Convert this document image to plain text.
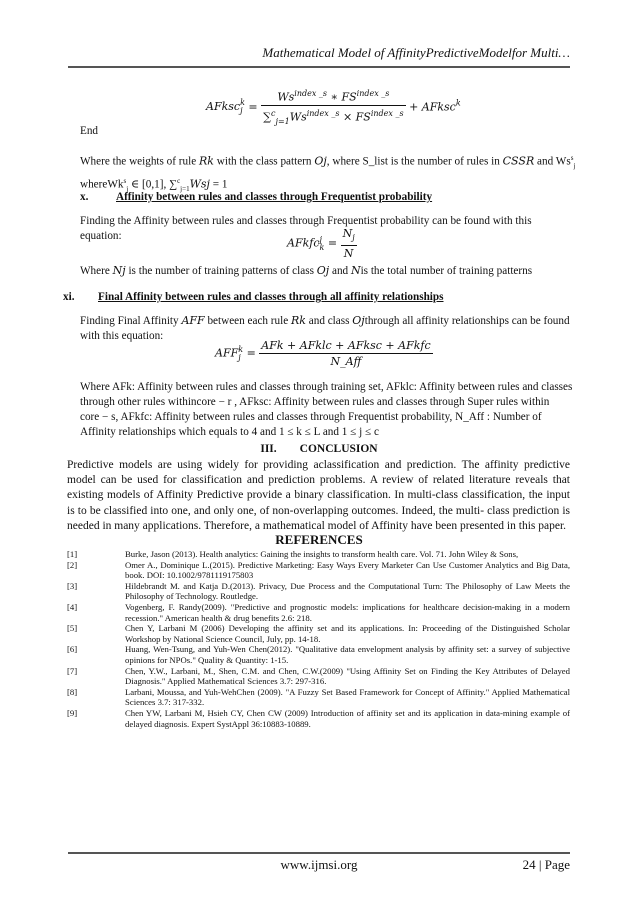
Mathematical Model of AffinityPredictiveModelfor Multi…
AFksc k
$j = \frac{Ws^{index \_s} ∗ FS^{index \_s}}{\sum^c_{j=1}Ws^{index \_s} \times FS^{index \_s}}$ + AFksc$^k$
End
Where the weights of rule Rk with the class pattern Oj, where S_list is the number of rules in CSSR and $Ws^s_j$
whereWk$^s_j$ ∈ [0,1], ∑$^c_{j=1}$Wsj = 1
x. Affinity between rules and classes through Frequentist probability
Finding the Affinity between rules and classes through Frequentist probability can be found with this equation:
AFkfc j
$k = \frac{N_j}{N}$
Where Nj is the number of training patterns of class Oj and Nis the total number of training patterns
xi. Final Affinity between rules and classes through all affinity relationships
Finding Final Affinity AFF between each rule Rk and class Ojthrough all affinity relationships can be found
with this equation:
AFF k
$j = \frac{\text{AFk + AFklc + AFksc + AFkfc}}{\text{N\_Aff}}$
Where AFk: Affinity between rules and classes through training set, AFklc: Affinity between rules and classes
through other rules withincore − r , AFksc: Affinity between rules and classes through Super rules within
core − s, AFkfc: Affinity between rules and classes through Frequentist probability, N_Aff : Number of
Affinity relationships which equals to 4 and 1 ≤ k ≤ L and 1 ≤ j ≤ c
III.        CONCLUSION
Predictive models are using widely for providing aclassification and prediction. The affinity predictive model can be used for classification and prediction problems. A review of related literature reveals that existing models of Affinity Predictive provide a binary classification. In multi-class classification, the input is to be classified into one, and only one, of non-overlapping outcomes. Indeed, the multi- class prediction is needed in many applications. Therefore, a mathematical model of Affinity have been presented in this paper.
REFERENCES
[1]	Burke, Jason (2013). Health analytics: Gaining the insights to transform health care. Vol. 71. John Wiley & Sons,
[2]	Omer A., Dominique L.(2015). Predictive Marketing: Easy Ways Every Marketer Can Use Customer Analytics and Big Data, book. DOI: 10.1002/9781119175803
[3]	Hildebrandt M. and Katja D.(2013). Privacy, Due Process and the Computational Turn: The Philosophy of Law Meets the Philosophy of Technology. Routledge.
[4]	Vogenberg, F. Randy(2009). "Predictive and prognostic models: implications for healthcare decision-making in a modern recession." American health & drug benefits 2.6: 218.
[5]	Chen Y, Larbani M (2006) Developing the affinity set and its applications. In: Proceeding of the Distinguished Scholar Workshop by National Science Council, July, pp. 14-18.
[6]	Huang, Wen-Tsung, and Yuh-Wen Chen(2012). "Qualitative data envelopment analysis by affinity set: a survey of subjective opinions for NPOs." Quality & Quantity: 1-15.
[7]	Chen, Y.W., Larbani, M., Shen, C.M. and Chen, C.W.(2009) "Using Affinity Set on Finding the Key Attributes of Delayed Diagnosis." Applied Mathematical Sciences 3.7: 297-316.
[8]	Larbani, Moussa, and Yuh-WehChen (2009). "A Fuzzy Set Based Framework for Concept of Affinity." Applied Mathematical Sciences 3.7: 317-332.
[9]	Chen YW, Larbani M, Hsieh CY, Chen CW (2009) Introduction of affinity set and its application in data-mining example of delayed diagnosis. Expert SystAppl 36:10883-10889.
www.ijmsi.org	24 | Page
